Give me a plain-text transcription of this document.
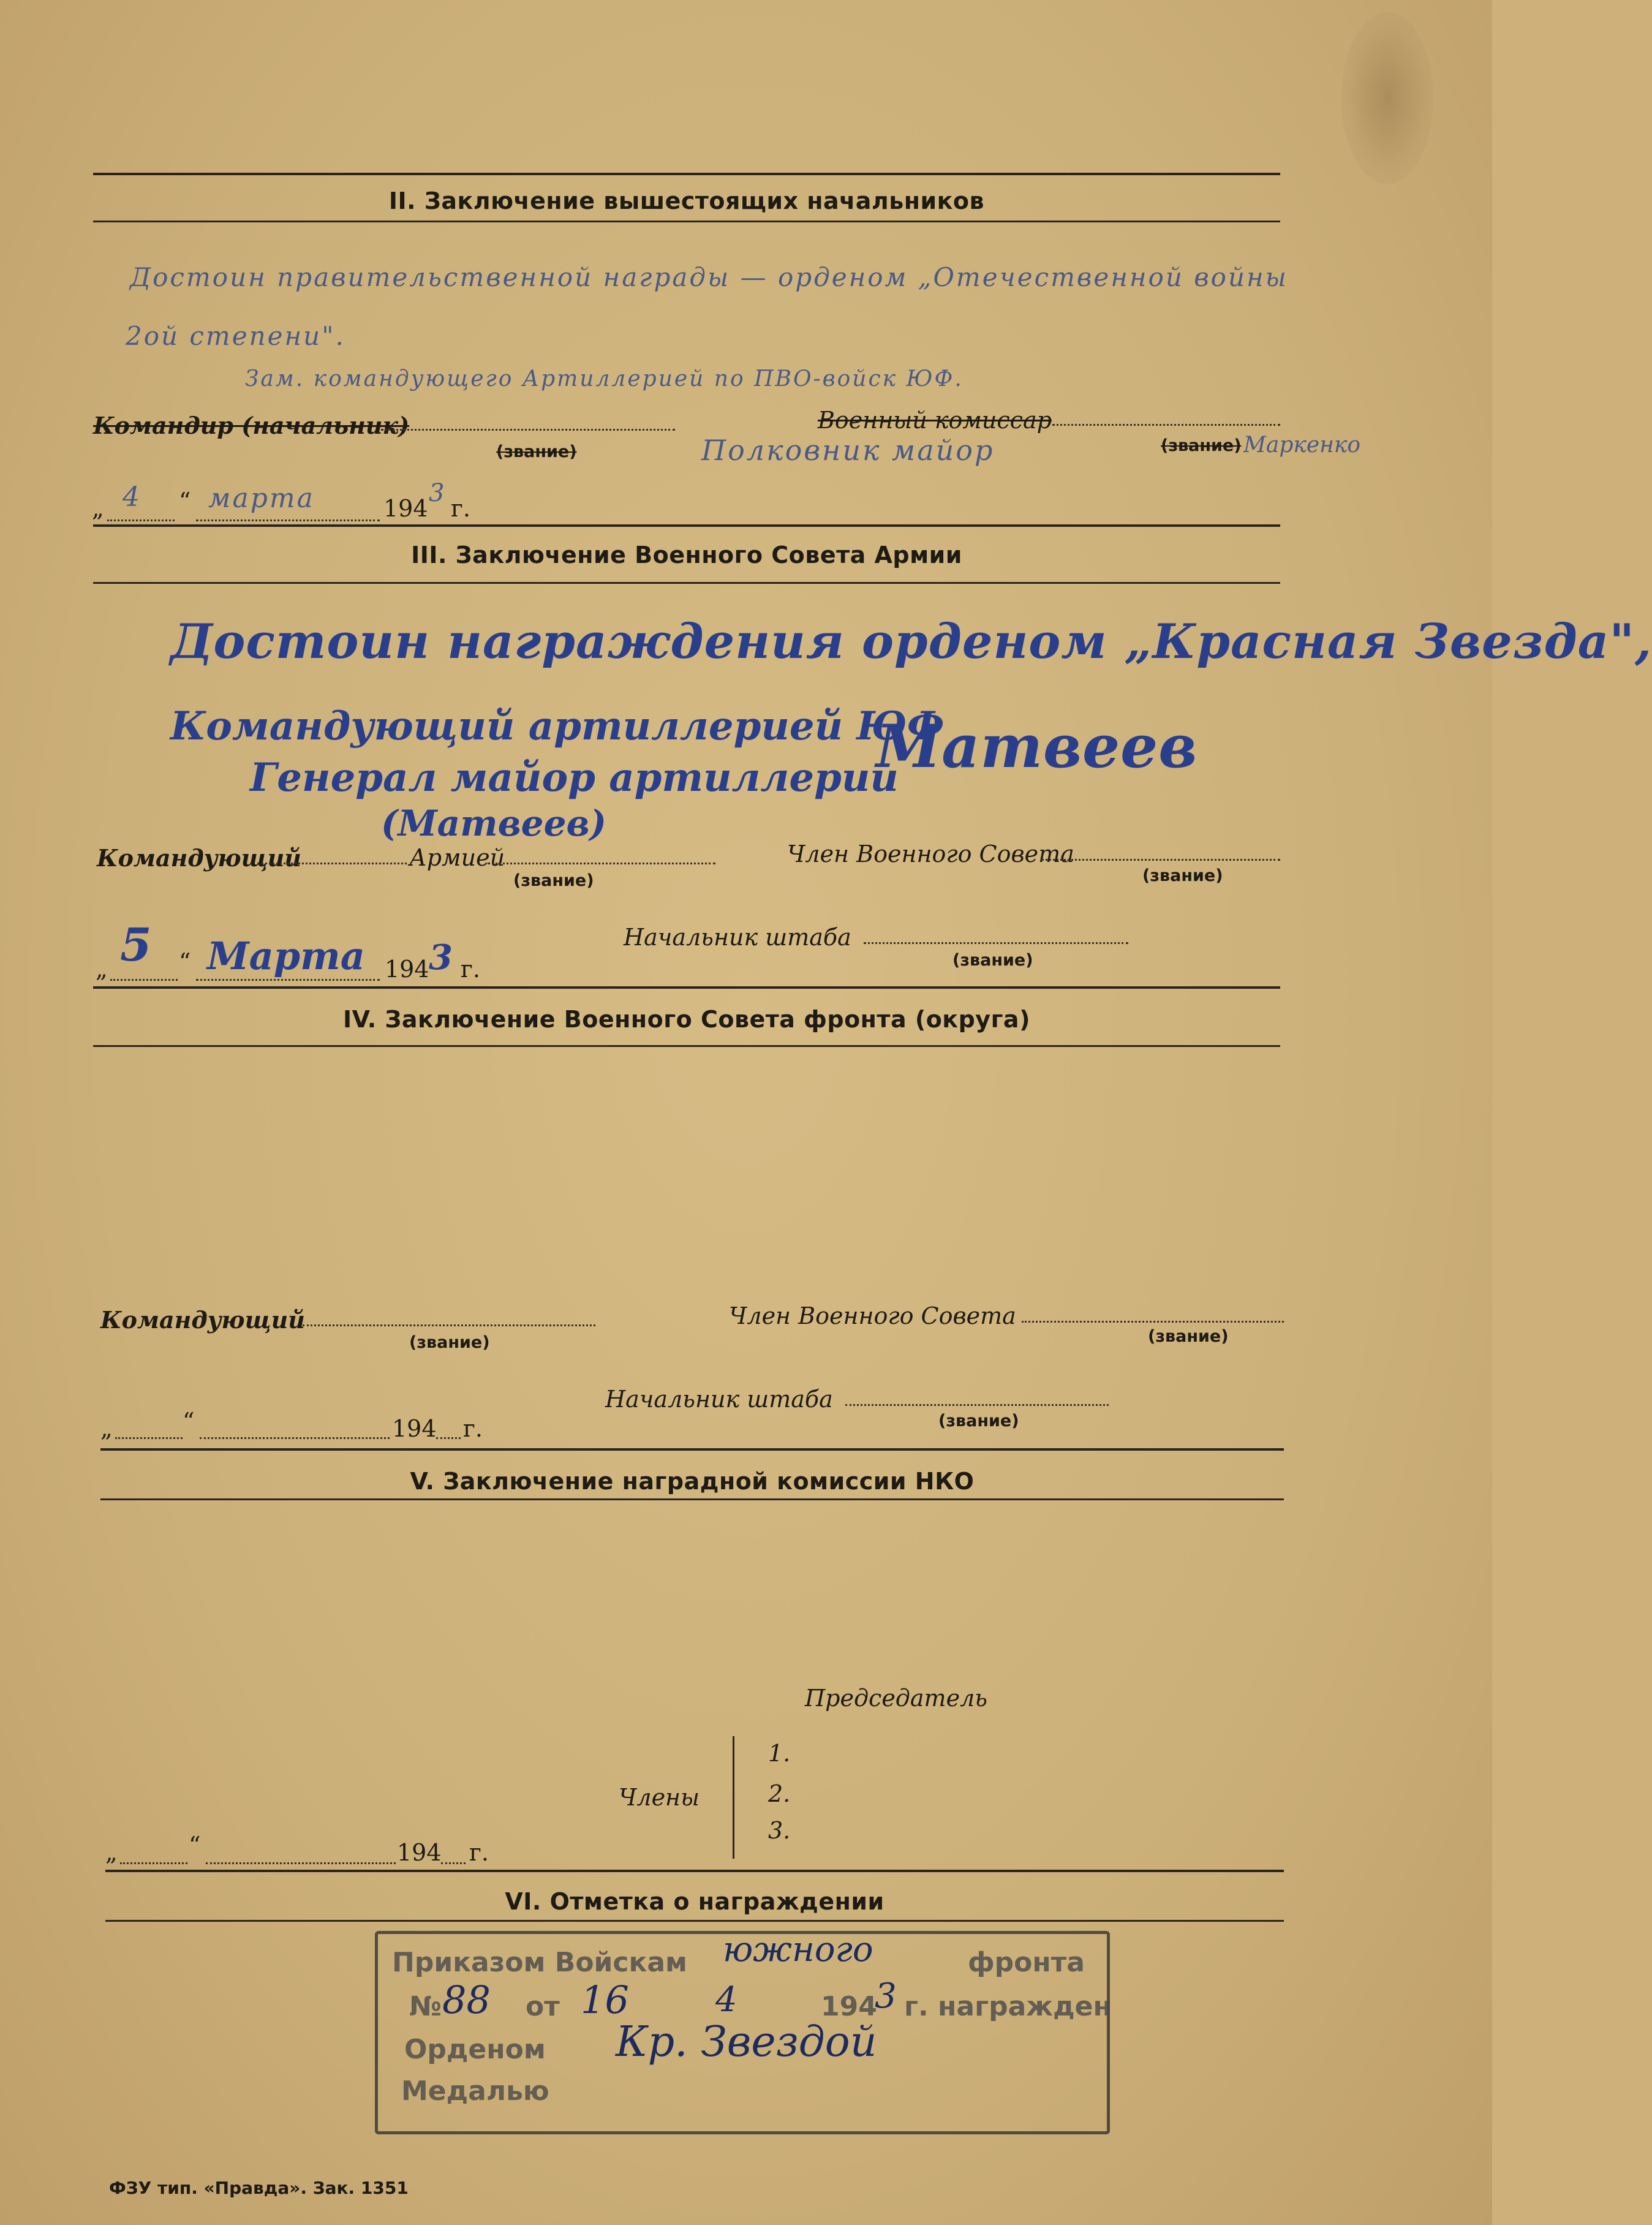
II. Заключение вышестоящих начальников
Достоин правительственной награды — орденом „Отечественной войны
2ой степени".
Зам. командующего Артиллерией по ПВО-войск ЮФ.
Командир (начальник)
(звание)
Военный комиссар
Полковник майор	(звание) Маркенко
„ 4 “ марта	194
3
г.
III. Заключение Военного Совета Армии
Достоин награждения орденом „Красная Звезда",
Командующий артиллерией ЮФ
Матвеев
Генерал майор артиллерии
(Матвеев)
Командующий	Армией
(звание)
Член Военного Совета
(звание)
„ 5 “ Марта 194 3 г.
Начальник штаба
(звание)
IV. Заключение Военного Совета фронта (округа)
Командующий
(звание)
Член Военного Совета
(звание)
Начальник штаба
(звание)
„	“	194 г.
V. Заключение наградной комиссии НКО
Председатель
Члены
1.
2.
3.
„	“	194 г.
VI. Отметка о награждении
Приказом Войскам южного	фронта
№ 88 от 16	4	194
3 г. награжден
Орденом Кр. Звездой
Медалью
ФЗУ тип. «Правда». Зак. 1351
